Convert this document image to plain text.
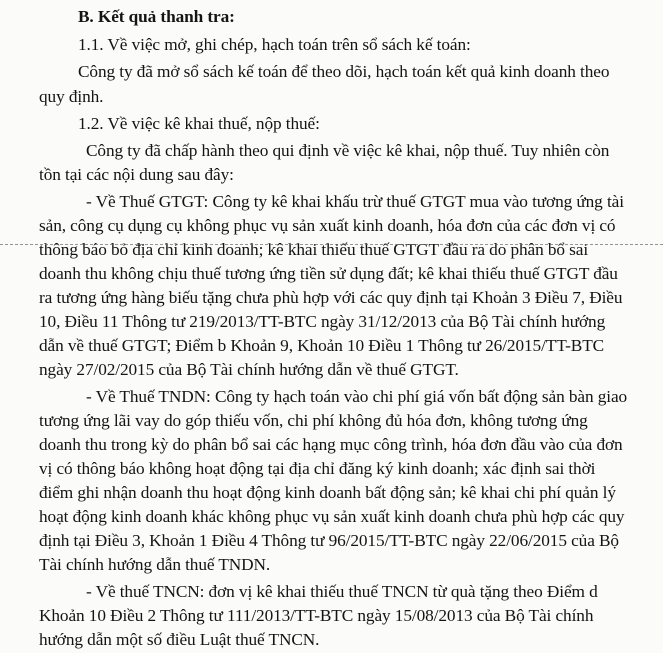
B. Kết quả thanh tra:
1.1. Về việc mở, ghi chép, hạch toán trên sổ sách kế toán:
Công ty đã mở sổ sách kế toán để theo dõi, hạch toán kết quả kinh doanh theo
quy định.
1.2. Về việc kê khai thuế, nộp thuế:
Công ty đã chấp hành theo qui định về việc kê khai, nộp thuế. Tuy nhiên còn
tồn tại các nội dung sau đây:
- Về Thuế GTGT: Công ty kê khai khấu trừ thuế GTGT mua vào tương ứng tài
sản, công cụ dụng cụ không phục vụ sản xuất kinh doanh, hóa đơn của các đơn vị có
thông báo bỏ địa chỉ kinh doanh; kê khai thiếu thuế GTGT đầu ra do phân bổ sai
doanh thu không chịu thuế tương ứng tiền sử dụng đất; kê khai thiếu thuế GTGT đầu
ra tương ứng hàng biếu tặng chưa phù hợp với các quy định tại Khoản 3 Điều 7, Điều
10, Điều 11 Thông tư 219/2013/TT-BTC ngày 31/12/2013 của Bộ Tài chính hướng
dẫn về thuế GTGT; Điểm b Khoản 9, Khoản 10 Điều 1 Thông tư 26/2015/TT-BTC
ngày 27/02/2015 của Bộ Tài chính hướng dẫn về thuế GTGT.
- Về Thuế TNDN: Công ty hạch toán vào chi phí giá vốn bất động sản bàn giao
tương ứng lãi vay do góp thiếu vốn, chi phí không đủ hóa đơn, không tương ứng
doanh thu trong kỳ do phân bổ sai các hạng mục công trình, hóa đơn đầu vào của đơn
vị có thông báo không hoạt động tại địa chỉ đăng ký kinh doanh; xác định sai thời
điểm ghi nhận doanh thu hoạt động kinh doanh bất động sản; kê khai chi phí quản lý
hoạt động kinh doanh khác không phục vụ sản xuất kinh doanh chưa phù hợp các quy
định tại Điều 3, Khoản 1 Điều 4 Thông tư 96/2015/TT-BTC ngày 22/06/2015 của Bộ
Tài chính hướng dẫn thuế TNDN.
- Về thuế TNCN: đơn vị kê khai thiếu thuế TNCN từ quà tặng theo Điểm d
Khoản 10 Điều 2 Thông tư 111/2013/TT-BTC ngày 15/08/2013 của Bộ Tài chính
hướng dẫn một số điều Luật thuế TNCN.
